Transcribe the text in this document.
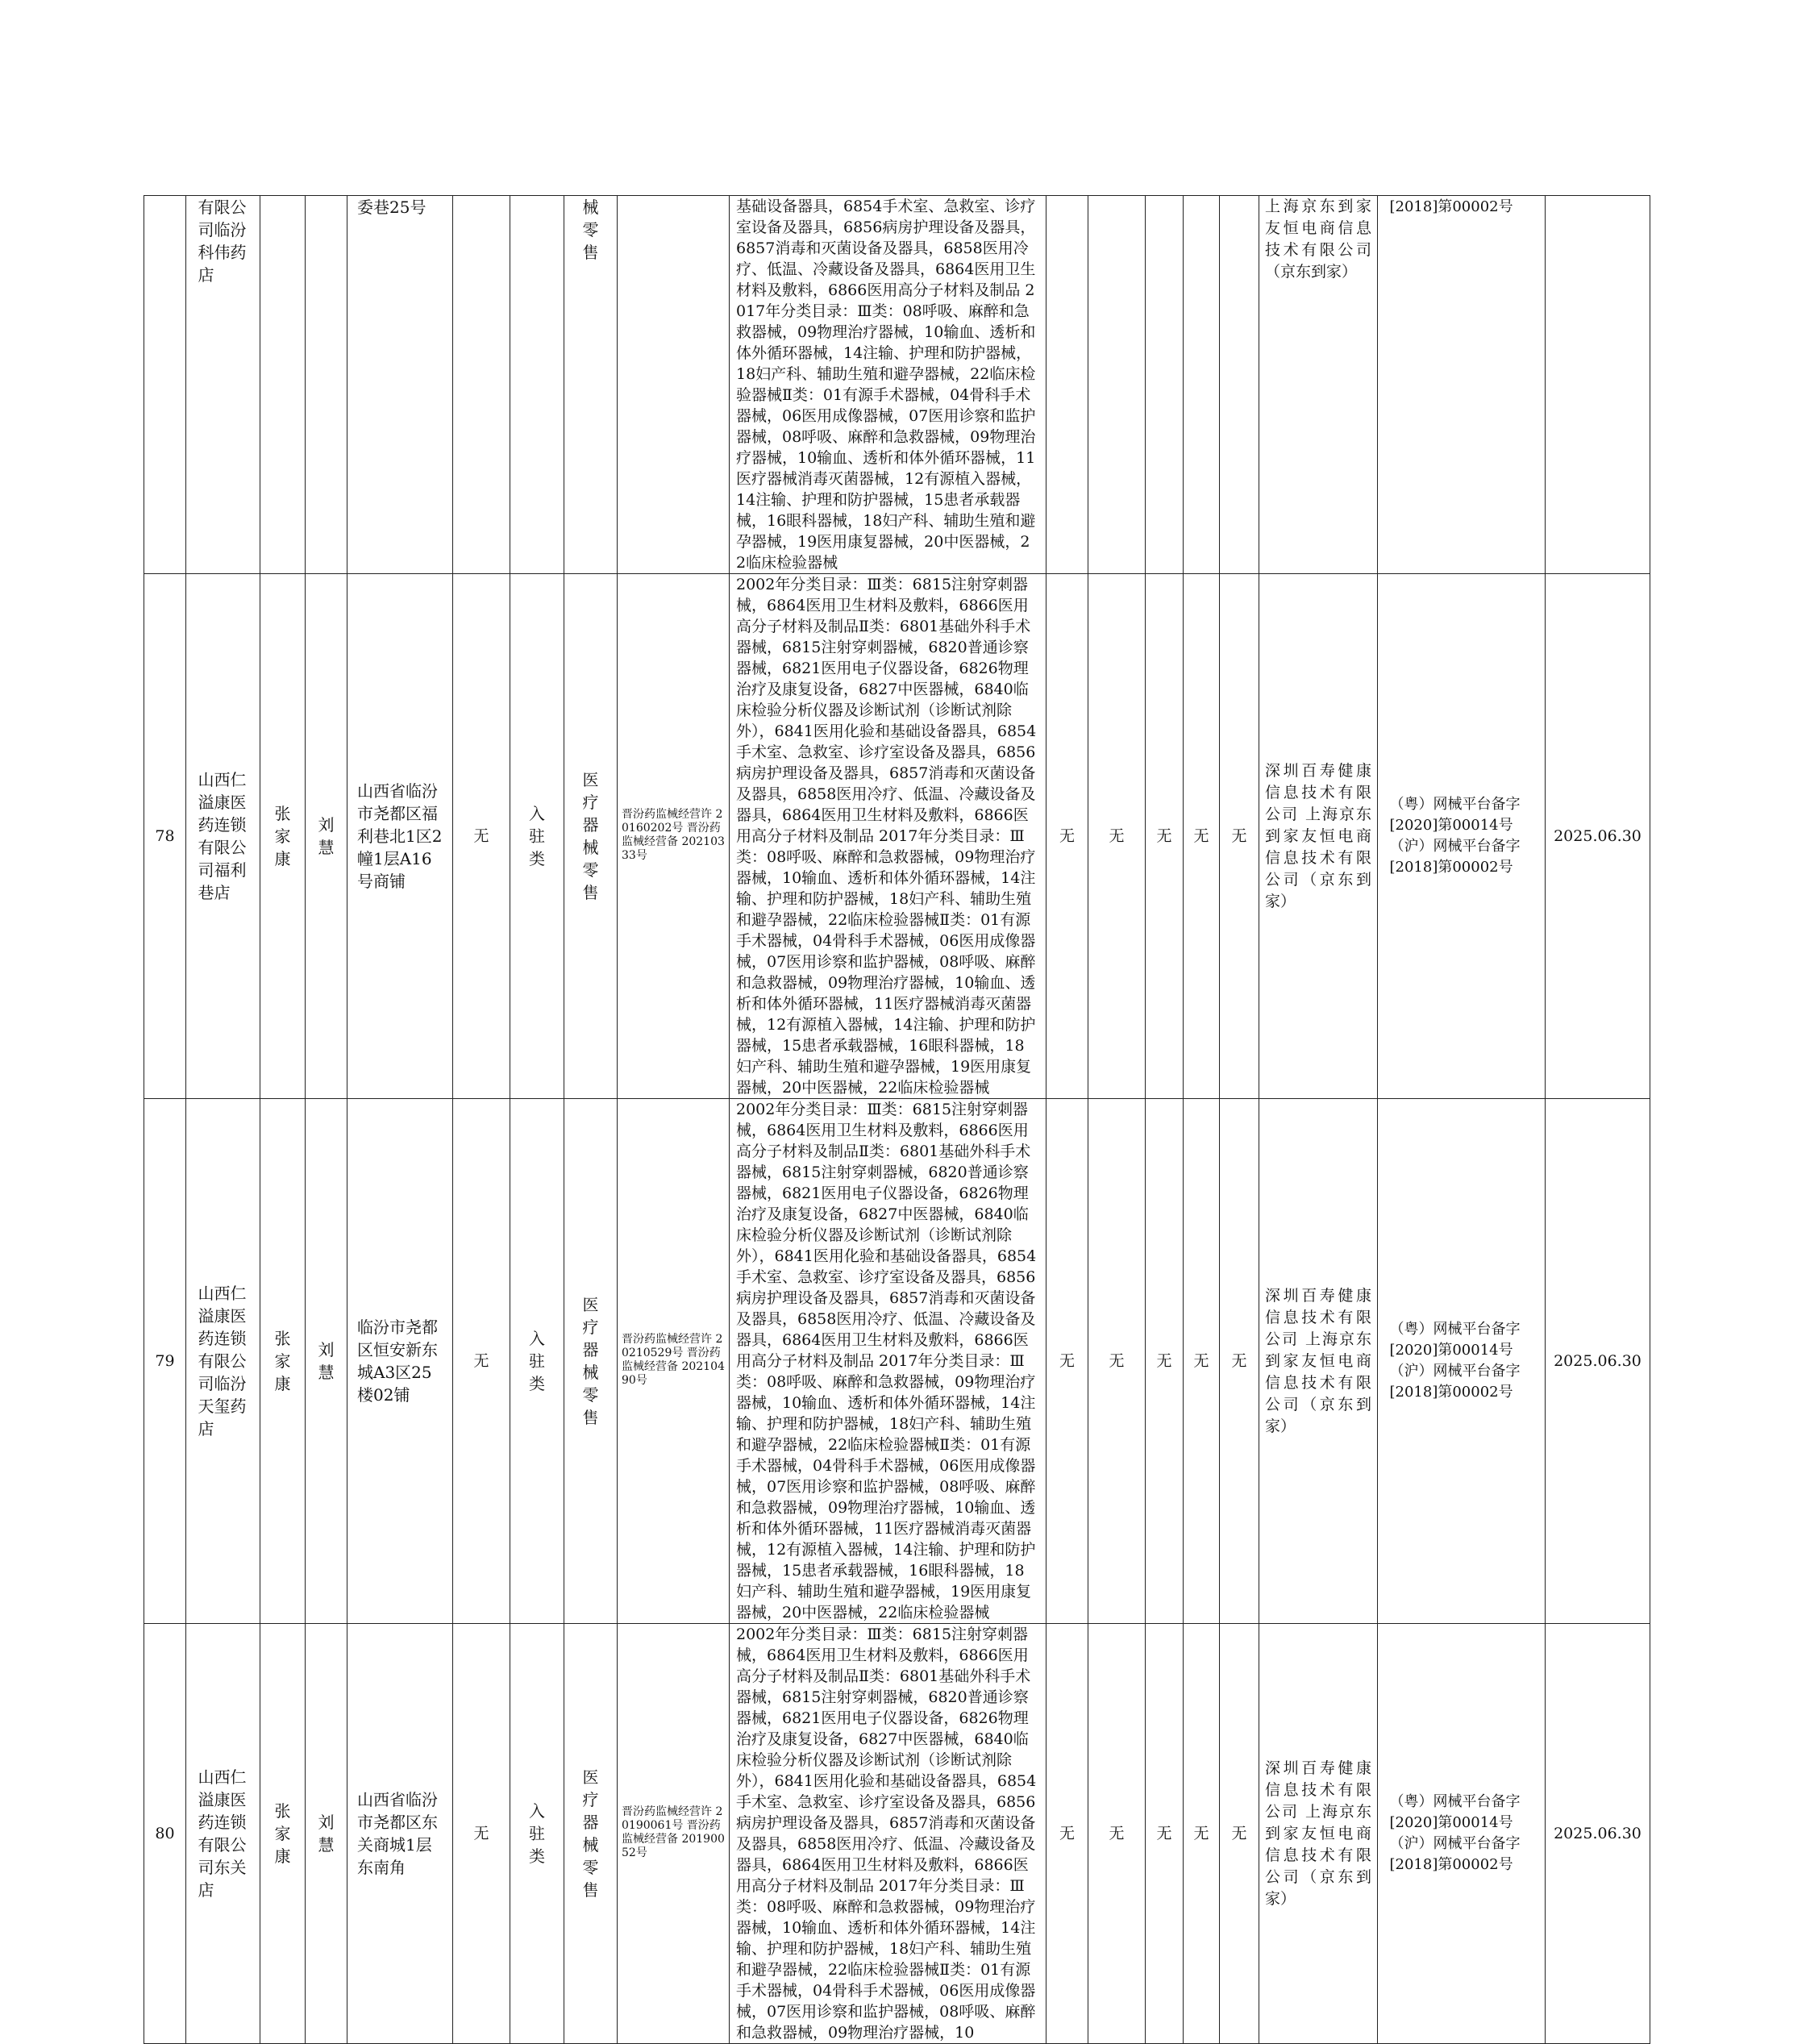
	有限公司临汾科伟药店			委巷25号			械零售		基础设备器具，6854手术室、急救室、诊疗室设备及器具，6856病房护理设备及器具，6857消毒和灭菌设备及器具，6858医用冷疗、低温、冷藏设备及器具，6864医用卫生材料及敷料，6866医用高分子材料及制品 2017年分类目录：Ⅲ类：08呼吸、麻醉和急救器械，09物理治疗器械，10输血、透析和体外循环器械，14注输、护理和防护器械，18妇产科、辅助生殖和避孕器械，22临床检验器械Ⅱ类：01有源手术器械，04骨科手术器械，06医用成像器械，07医用诊察和监护器械，08呼吸、麻醉和急救器械，09物理治疗器械，10输血、透析和体外循环器械，11医疗器械消毒灭菌器械，12有源植入器械，14注输、护理和防护器械，15患者承载器械，16眼科器械，18妇产科、辅助生殖和避孕器械，19医用康复器械，20中医器械，22临床检验器械						上海京东到家友恒电商信息技术有限公司（京东到家）	[2018]第00002号	
78	山西仁溢康医药连锁有限公司福利巷店	张家康	刘慧	山西省临汾市尧都区福利巷北1区2幢1层A16号商铺	无	入驻类	医疗器械零售	晋汾药监械经营许 20160202号 晋汾药监械经营备 20210333号	2002年分类目录：Ⅲ类：6815注射穿刺器械，6864医用卫生材料及敷料，6866医用高分子材料及制品Ⅱ类：6801基础外科手术器械，6815注射穿刺器械，6820普通诊察器械，6821医用电子仪器设备，6826物理治疗及康复设备，6827中医器械，6840临床检验分析仪器及诊断试剂（诊断试剂除外），6841医用化验和基础设备器具，6854手术室、急救室、诊疗室设备及器具，6856病房护理设备及器具，6857消毒和灭菌设备及器具，6858医用冷疗、低温、冷藏设备及器具，6864医用卫生材料及敷料，6866医用高分子材料及制品 2017年分类目录：Ⅲ类：08呼吸、麻醉和急救器械，09物理治疗器械，10输血、透析和体外循环器械，14注输、护理和防护器械，18妇产科、辅助生殖和避孕器械，22临床检验器械Ⅱ类：01有源手术器械，04骨科手术器械，06医用成像器械，07医用诊察和监护器械，08呼吸、麻醉和急救器械，09物理治疗器械，10输血、透析和体外循环器械，11医疗器械消毒灭菌器械，12有源植入器械，14注输、护理和防护器械，15患者承载器械，16眼科器械，18妇产科、辅助生殖和避孕器械，19医用康复器械，20中医器械，22临床检验器械	无	无	无	无	无	深圳百寿健康信息技术有限公司 上海京东到家友恒电商信息技术有限公司（京东到家）	（粤）网械平台备字[2020]第00014号 （沪）网械平台备字[2018]第00002号	2025.06.30
79	山西仁溢康医药连锁有限公司临汾天玺药店	张家康	刘慧	临汾市尧都区恒安新东城A3区25楼02铺	无	入驻类	医疗器械零售	晋汾药监械经营许 20210529号 晋汾药监械经营备 20210490号	2002年分类目录：Ⅲ类：6815注射穿刺器械，6864医用卫生材料及敷料，6866医用高分子材料及制品Ⅱ类：6801基础外科手术器械，6815注射穿刺器械，6820普通诊察器械，6821医用电子仪器设备，6826物理治疗及康复设备，6827中医器械，6840临床检验分析仪器及诊断试剂（诊断试剂除外），6841医用化验和基础设备器具，6854手术室、急救室、诊疗室设备及器具，6856病房护理设备及器具，6857消毒和灭菌设备及器具，6858医用冷疗、低温、冷藏设备及器具，6864医用卫生材料及敷料，6866医用高分子材料及制品 2017年分类目录：Ⅲ类：08呼吸、麻醉和急救器械，09物理治疗器械，10输血、透析和体外循环器械，14注输、护理和防护器械，18妇产科、辅助生殖和避孕器械，22临床检验器械Ⅱ类：01有源手术器械，04骨科手术器械，06医用成像器械，07医用诊察和监护器械，08呼吸、麻醉和急救器械，09物理治疗器械，10输血、透析和体外循环器械，11医疗器械消毒灭菌器械，12有源植入器械，14注输、护理和防护器械，15患者承载器械，16眼科器械，18妇产科、辅助生殖和避孕器械，19医用康复器械，20中医器械，22临床检验器械	无	无	无	无	无	深圳百寿健康信息技术有限公司 上海京东到家友恒电商信息技术有限公司（京东到家）	（粤）网械平台备字[2020]第00014号 （沪）网械平台备字[2018]第00002号	2025.06.30
80	山西仁溢康医药连锁有限公司东关店	张家康	刘慧	山西省临汾市尧都区东关商城1层东南角	无	入驻类	医疗器械零售	晋汾药监械经营许 20190061号 晋汾药监械经营备 20190052号	2002年分类目录：Ⅲ类：6815注射穿刺器械，6864医用卫生材料及敷料，6866医用高分子材料及制品Ⅱ类：6801基础外科手术器械，6815注射穿刺器械，6820普通诊察器械，6821医用电子仪器设备，6826物理治疗及康复设备，6827中医器械，6840临床检验分析仪器及诊断试剂（诊断试剂除外），6841医用化验和基础设备器具，6854手术室、急救室、诊疗室设备及器具，6856病房护理设备及器具，6857消毒和灭菌设备及器具，6858医用冷疗、低温、冷藏设备及器具，6864医用卫生材料及敷料，6866医用高分子材料及制品 2017年分类目录：Ⅲ类：08呼吸、麻醉和急救器械，09物理治疗器械，10输血、透析和体外循环器械，14注输、护理和防护器械，18妇产科、辅助生殖和避孕器械，22临床检验器械Ⅱ类：01有源手术器械，04骨科手术器械，06医用成像器械，07医用诊察和监护器械，08呼吸、麻醉和急救器械，09物理治疗器械，10	无	无	无	无	无	深圳百寿健康信息技术有限公司 上海京东到家友恒电商信息技术有限公司（京东到家）	（粤）网械平台备字[2020]第00014号 （沪）网械平台备字[2018]第00002号	2025.06.30
